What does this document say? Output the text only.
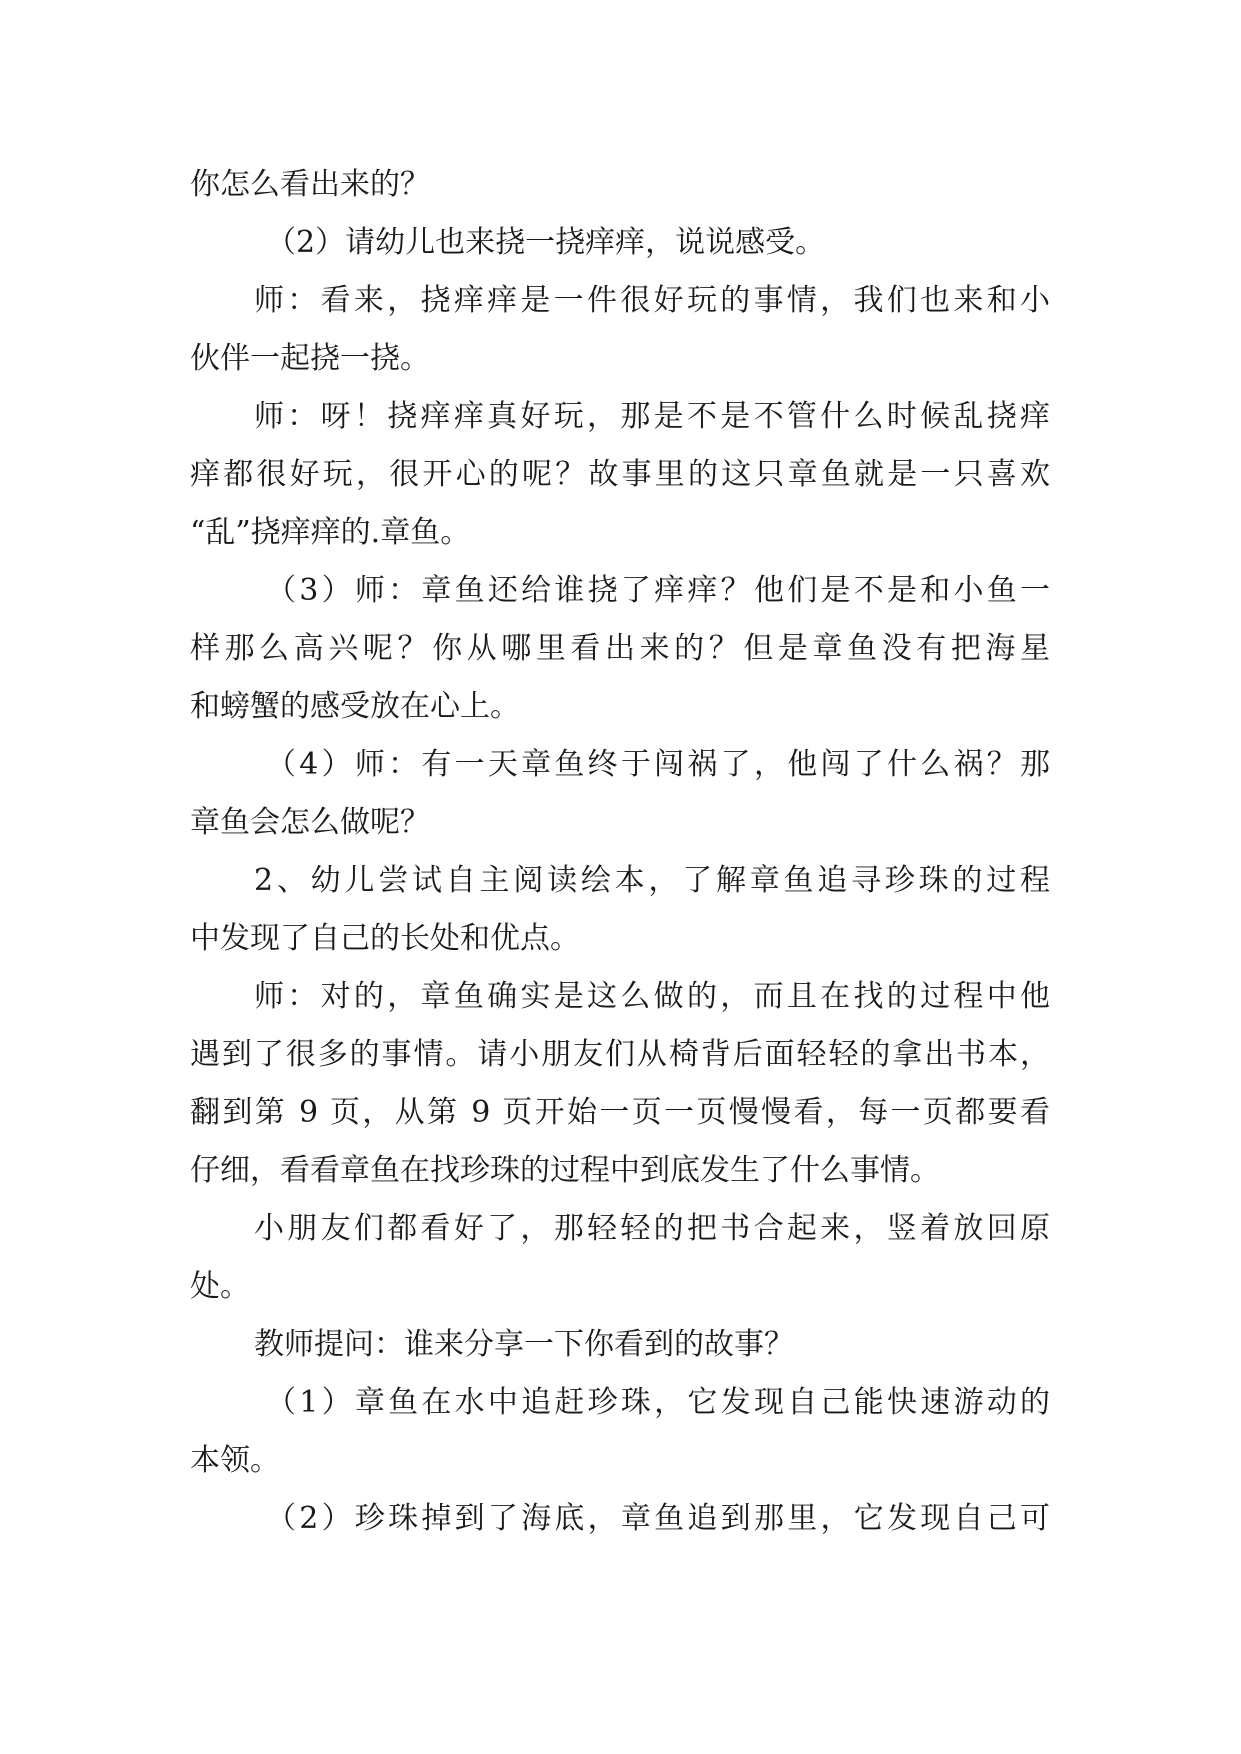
你怎么看出来的？
（2）请幼儿也来挠一挠痒痒，说说感受。
师：看来，挠痒痒是一件很好玩的事情，我们也来和小
伙伴一起挠一挠。
师：呀！挠痒痒真好玩，那是不是不管什么时候乱挠痒
痒都很好玩，很开心的呢？故事里的这只章鱼就是一只喜欢
“乱”挠痒痒的.章鱼。
（3）师：章鱼还给谁挠了痒痒？他们是不是和小鱼一
样那么高兴呢？你从哪里看出来的？但是章鱼没有把海星
和螃蟹的感受放在心上。
（4）师：有一天章鱼终于闯祸了，他闯了什么祸？那
章鱼会怎么做呢？
2、幼儿尝试自主阅读绘本，了解章鱼追寻珍珠的过程
中发现了自己的长处和优点。
师：对的，章鱼确实是这么做的，而且在找的过程中他
遇到了很多的事情。请小朋友们从椅背后面轻轻的拿出书本，
翻到第 9 页，从第 9 页开始一页一页慢慢看，每一页都要看
仔细，看看章鱼在找珍珠的过程中到底发生了什么事情。
小朋友们都看好了，那轻轻的把书合起来，竖着放回原
处。
教师提问：谁来分享一下你看到的故事？
（1）章鱼在水中追赶珍珠，它发现自己能快速游动的
本领。
（2）珍珠掉到了海底，章鱼追到那里，它发现自己可
